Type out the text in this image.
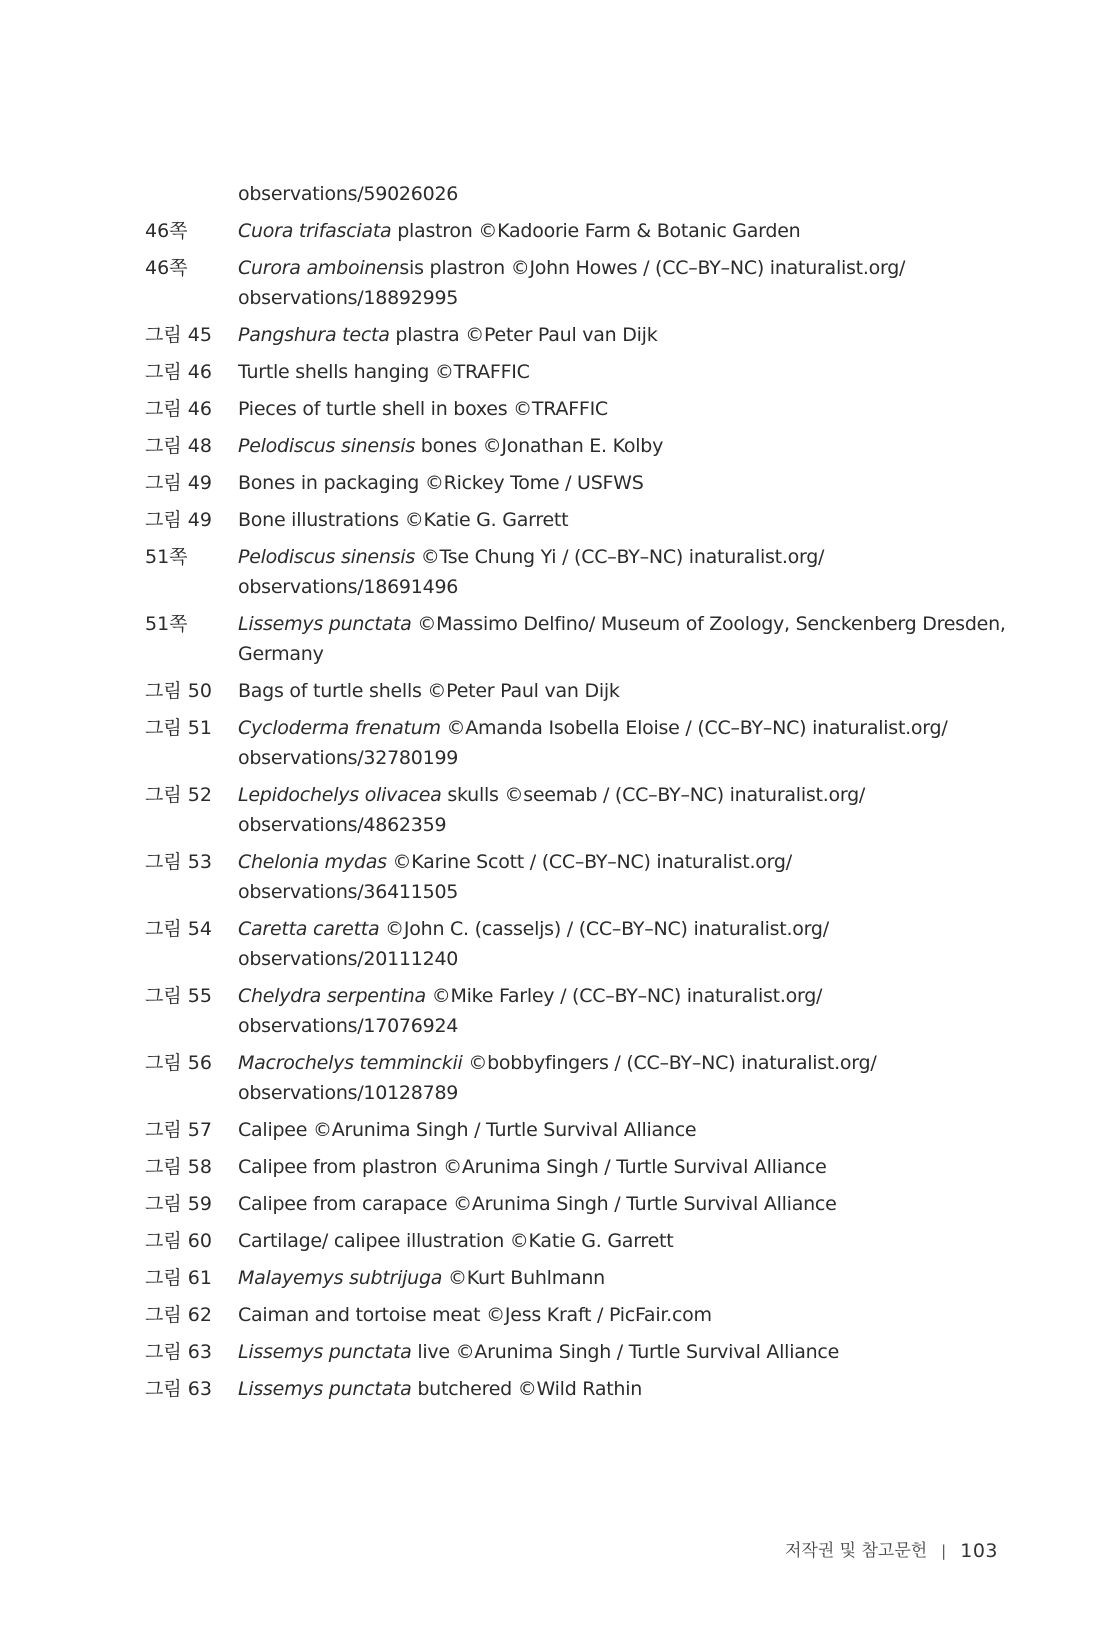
observations/59026026
46쪽	Cuora trifasciata plastron ©Kadoorie Farm & Botanic Garden
46쪽	Curora amboinensis plastron ©John Howes / (CC–BY–NC) inaturalist.org/ observations/18892995
그림 45	Pangshura tecta plastra ©Peter Paul van Dijk
그림 46	Turtle shells hanging ©TRAFFIC
그림 46	Pieces of turtle shell in boxes ©TRAFFIC
그림 48	Pelodiscus sinensis bones ©Jonathan E. Kolby
그림 49	Bones in packaging ©Rickey Tome / USFWS
그림 49	Bone illustrations ©Katie G. Garrett
51쪽	Pelodiscus sinensis ©Tse Chung Yi / (CC–BY–NC) inaturalist.org/ observations/18691496
51쪽	Lissemys punctata ©Massimo Delfino/ Museum of Zoology, Senckenberg Dresden, Germany
그림 50	Bags of turtle shells ©Peter Paul van Dijk
그림 51	Cycloderma frenatum ©Amanda Isobella Eloise / (CC–BY–NC) inaturalist.org/ observations/32780199
그림 52	Lepidochelys olivacea skulls ©seemab / (CC–BY–NC) inaturalist.org/ observations/4862359
그림 53	Chelonia mydas ©Karine Scott / (CC–BY–NC) inaturalist.org/ observations/36411505
그림 54	Caretta caretta ©John C. (casseljs) / (CC–BY–NC) inaturalist.org/ observations/20111240
그림 55	Chelydra serpentina ©Mike Farley / (CC–BY–NC) inaturalist.org/ observations/17076924
그림 56	Macrochelys temminckii ©bobbyfingers / (CC–BY–NC) inaturalist.org/ observations/10128789
그림 57	Calipee ©Arunima Singh / Turtle Survival Alliance
그림 58	Calipee from plastron ©Arunima Singh / Turtle Survival Alliance
그림 59	Calipee from carapace ©Arunima Singh / Turtle Survival Alliance
그림 60	Cartilage/ calipee illustration ©Katie G. Garrett
그림 61	Malayemys subtrijuga ©Kurt Buhlmann
그림 62	Caiman and tortoise meat ©Jess Kraft / PicFair.com
그림 63	Lissemys punctata live ©Arunima Singh / Turtle Survival Alliance
그림 63	Lissemys punctata butchered ©Wild Rathin
저작권 및 참고문헌 | 103
